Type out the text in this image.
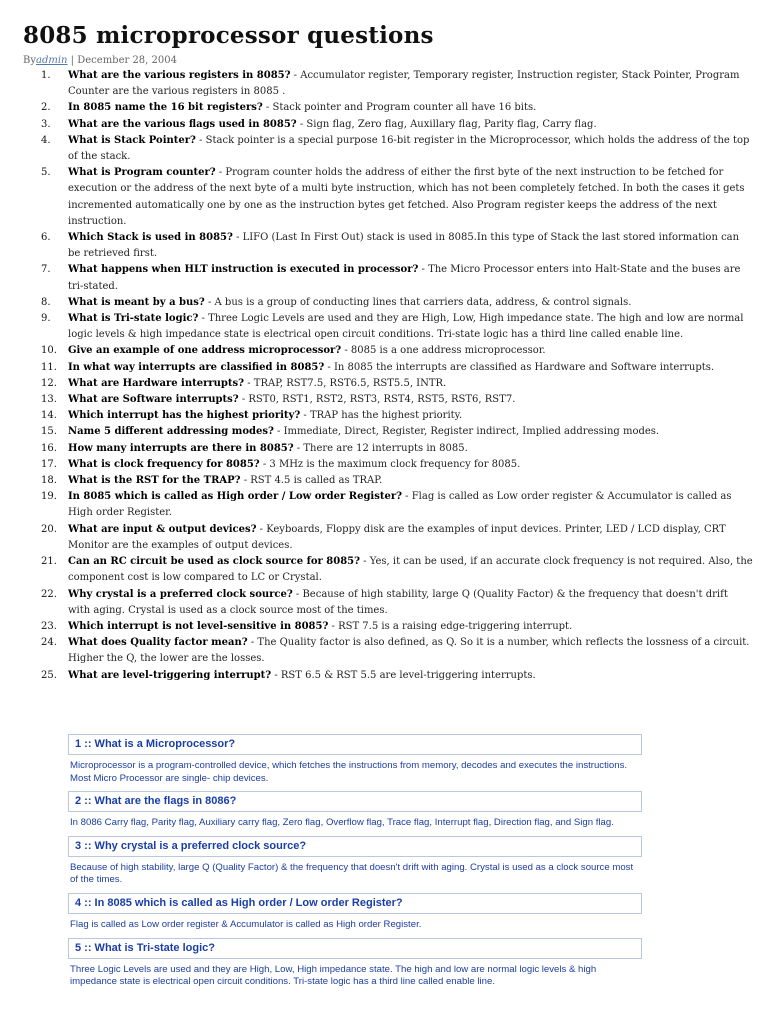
8085 microprocessor questions
Byadmin | December 28, 2004
1.	What are the various registers in 8085? - Accumulator register, Temporary register, Instruction register, Stack Pointer, Program Counter are the various registers in 8085 .
2.	In 8085 name the 16 bit registers? - Stack pointer and Program counter all have 16 bits.
3.	What are the various flags used in 8085? - Sign flag, Zero flag, Auxillary flag, Parity flag, Carry flag.
4.	What is Stack Pointer? - Stack pointer is a special purpose 16-bit register in the Microprocessor, which holds the address of the top of the stack.
5.	What is Program counter? - Program counter holds the address of either the first byte of the next instruction to be fetched for execution or the address of the next byte of a multi byte instruction, which has not been completely fetched. In both the cases it gets incremented automatically one by one as the instruction bytes get fetched. Also Program register keeps the address of the next instruction.
6.	Which Stack is used in 8085? - LIFO (Last In First Out) stack is used in 8085.In this type of Stack the last stored information can be retrieved first.
7.	What happens when HLT instruction is executed in processor? - The Micro Processor enters into Halt-State and the buses are tri-stated.
8.	What is meant by a bus? - A bus is a group of conducting lines that carriers data, address, & control signals.
9.	What is Tri-state logic? - Three Logic Levels are used and they are High, Low, High impedance state. The high and low are normal logic levels & high impedance state is electrical open circuit conditions. Tri-state logic has a third line called enable line.
10.	Give an example of one address microprocessor? - 8085 is a one address microprocessor.
11.	In what way interrupts are classified in 8085? - In 8085 the interrupts are classified as Hardware and Software interrupts.
12.	What are Hardware interrupts? - TRAP, RST7.5, RST6.5, RST5.5, INTR.
13.	What are Software interrupts? - RST0, RST1, RST2, RST3, RST4, RST5, RST6, RST7.
14.	Which interrupt has the highest priority? - TRAP has the highest priority.
15.	Name 5 different addressing modes? - Immediate, Direct, Register, Register indirect, Implied addressing modes.
16.	How many interrupts are there in 8085? - There are 12 interrupts in 8085.
17.	What is clock frequency for 8085? - 3 MHz is the maximum clock frequency for 8085.
18.	What is the RST for the TRAP? - RST 4.5 is called as TRAP.
19.	In 8085 which is called as High order / Low order Register? - Flag is called as Low order register & Accumulator is called as High order Register.
20.	What are input & output devices? - Keyboards, Floppy disk are the examples of input devices. Printer, LED / LCD display, CRT Monitor are the examples of output devices.
21.	Can an RC circuit be used as clock source for 8085? - Yes, it can be used, if an accurate clock frequency is not required. Also, the component cost is low compared to LC or Crystal.
22.	Why crystal is a preferred clock source? - Because of high stability, large Q (Quality Factor) & the frequency that doesn't drift with aging. Crystal is used as a clock source most of the times.
23.	Which interrupt is not level-sensitive in 8085? - RST 7.5 is a raising edge-triggering interrupt.
24.	What does Quality factor mean? - The Quality factor is also defined, as Q. So it is a number, which reflects the lossness of a circuit. Higher the Q, the lower are the losses.
25.	What are level-triggering interrupt? - RST 6.5 & RST 5.5 are level-triggering interrupts.
1 :: What is a Microprocessor?
Microprocessor is a program-controlled device, which fetches the instructions from memory, decodes and executes the instructions. Most Micro Processor are single- chip devices.
2 :: What are the flags in 8086?
In 8086 Carry flag, Parity flag, Auxiliary carry flag, Zero flag, Overflow flag, Trace flag, Interrupt flag, Direction flag, and Sign flag.
3 :: Why crystal is a preferred clock source?
Because of high stability, large Q (Quality Factor) & the frequency that doesn't drift with aging. Crystal is used as a clock source most of the times.
4 :: In 8085 which is called as High order / Low order Register?
Flag is called as Low order register & Accumulator is called as High order Register.
5 :: What is Tri-state logic?
Three Logic Levels are used and they are High, Low, High impedance state. The high and low are normal logic levels & high impedance state is electrical open circuit conditions. Tri-state logic has a third line called enable line.
